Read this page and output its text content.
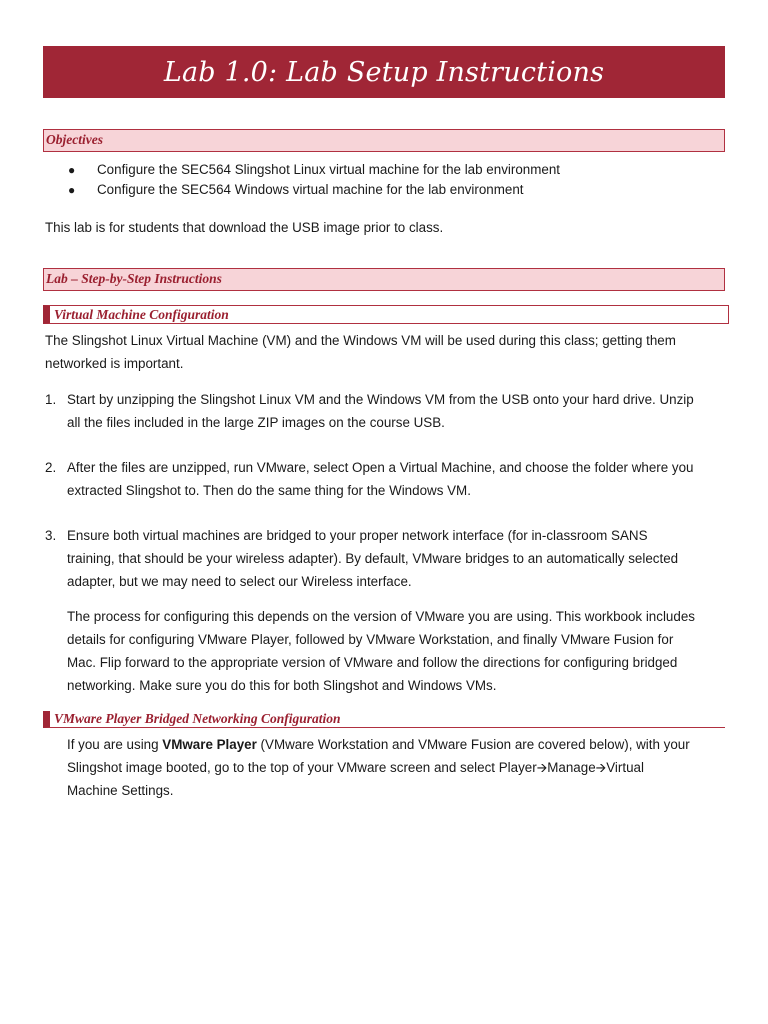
Lab 1.0: Lab Setup Instructions
Objectives
● Configure the SEC564 Slingshot Linux virtual machine for the lab environment
● Configure the SEC564 Windows virtual machine for the lab environment
This lab is for students that download the USB image prior to class.
Lab – Step-by-Step Instructions
Virtual Machine Configuration
The Slingshot Linux Virtual Machine (VM) and the Windows VM will be used during this class; getting them
networked is important.
1. Start by unzipping the Slingshot Linux VM and the Windows VM from the USB onto your hard drive. Unzip
all the files included in the large ZIP images on the course USB.
2. After the files are unzipped, run VMware, select Open a Virtual Machine, and choose the folder where you
extracted Slingshot to. Then do the same thing for the Windows VM.
3. Ensure both virtual machines are bridged to your proper network interface (for in-classroom SANS
training, that should be your wireless adapter). By default, VMware bridges to an automatically selected
adapter, but we may need to select our Wireless interface.
The process for configuring this depends on the version of VMware you are using. This workbook includes
details for configuring VMware Player, followed by VMware Workstation, and finally VMware Fusion for
Mac. Flip forward to the appropriate version of VMware and follow the directions for configuring bridged
networking. Make sure you do this for both Slingshot and Windows VMs.
VMware Player Bridged Networking Configuration
If you are using VMware Player (VMware Workstation and VMware Fusion are covered below), with your
Slingshot image booted, go to the top of your VMware screen and select Player🡪Manage🡪Virtual
Machine Settings.
